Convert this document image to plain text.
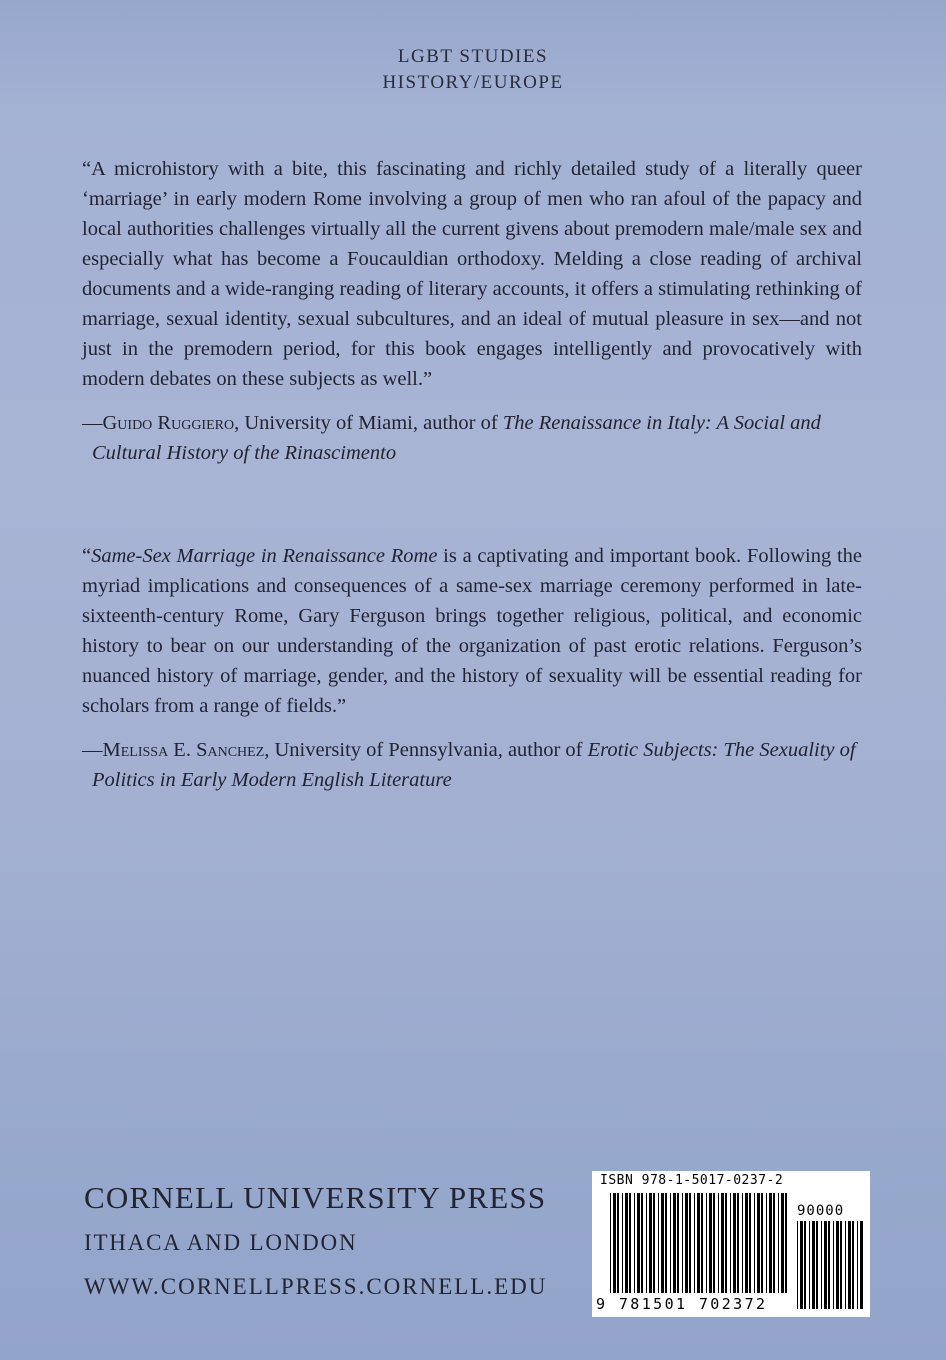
LGBT STUDIES
HISTORY/EUROPE

“A microhistory with a bite, this fascinating and richly detailed study of a literally queer ‘marriage’ in early modern Rome involving a group of men who ran afoul of the papacy and local authorities challenges virtually all the current givens about premodern male/male sex and especially what has become a Foucauldian orthodoxy. Melding a close reading of archival documents and a wide-ranging reading of literary accounts, it offers a stimulating rethinking of marriage, sexual identity, sexual subcultures, and an ideal of mutual pleasure in sex—and not just in the premodern period, for this book engages intelligently and provocatively with modern debates on these subjects as well.”

—Guido Ruggiero, University of Miami, author of The Renaissance in Italy: A Social and Cultural History of the Rinascimento

“Same-Sex Marriage in Renaissance Rome is a captivating and important book. Following the myriad implications and consequences of a same-sex marriage ceremony performed in late-sixteenth-century Rome, Gary Ferguson brings together religious, political, and economic history to bear on our understanding of the organization of past erotic relations. Ferguson’s nuanced history of marriage, gender, and the history of sexuality will be essential reading for scholars from a range of fields.”

—Melissa E. Sanchez, University of Pennsylvania, author of Erotic Subjects: The Sexuality of Politics in Early Modern English Literature
CORNELL UNIVERSITY PRESS
ITHACA AND LONDON
WWW.CORNELLPRESS.CORNELL.EDU
ISBN 978-1-5017-0237-2
90000
9 781501 702372
